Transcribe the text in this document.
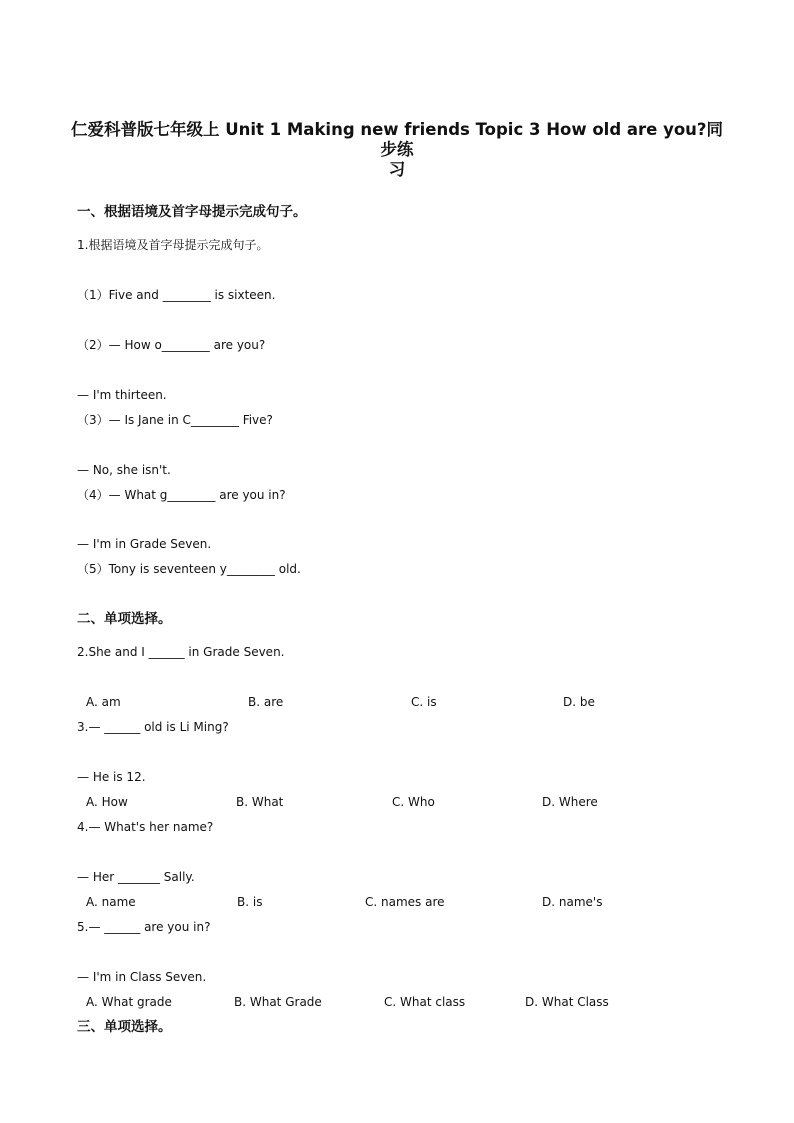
仁爱科普版七年级上 Unit 1 Making new friends Topic 3 How old are you?同步练
习
一、根据语境及首字母提示完成句子。
1.根据语境及首字母提示完成句子。
（1）Five and ________ is sixteen.
（2）— How o________ are you?
— I'm thirteen.
（3）— Is Jane in C________ Five?
— No, she isn't.
（4）— What g________ are you in?
— I'm in Grade Seven.
（5）Tony is seventeen y________ old.
二、单项选择。
2.She and I ______ in Grade Seven.
A. am	B. are	C. is	D. be
3.— ______ old is Li Ming?
— He is 12.
A. How	B. What	C. Who	D. Where
4.— What's her name?
— Her _______ Sally.
A. name	B. is	C. names are	D. name's
5.— ______ are you in?
— I'm in Class Seven.
A. What grade	B. What Grade	C. What class	D. What Class
三、单项选择。
